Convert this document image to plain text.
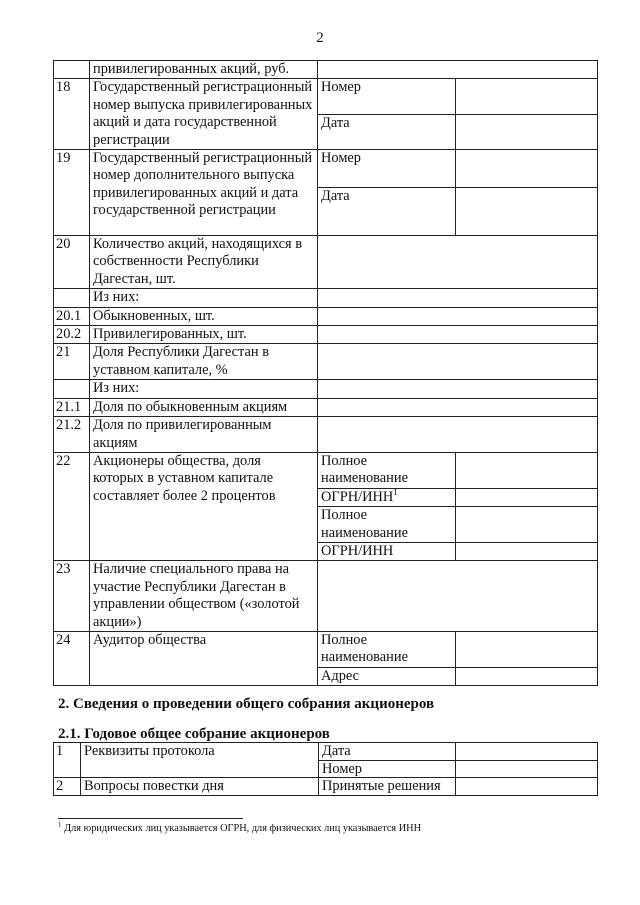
2
	привилегированных акций, руб.		
18	Государственный регистрационный номер выпуска привилегированных акций и дата государственной регистрации	Номер	
		Дата	
19	Государственный регистрационный номер дополнительного выпуска привилегированных акций и дата государственной регистрации	Номер	
		Дата	
20	Количество акций, находящихся в собственности Республики Дагестан, шт.		
	Из них:		
20.1	Обыкновенных, шт.		
20.2	Привилегированных, шт.		
21	Доля Республики Дагестан в уставном капитале, %		
	Из них:		
21.1	Доля по обыкновенным акциям		
21.2	Доля по привилегированным акциям		
22	Акционеры общества, доля которых в уставном капитале составляет более 2 процентов	Полное наименование	
		ОГРН/ИНН$^1$	
		Полное наименование	
		ОГРН/ИНН	
23	Наличие специального права на участие Республики Дагестан в управлении обществом («золотой акции»)		
24	Аудитор общества	Полное наименование	
		Адрес	
2. Сведения о проведении общего собрания акционеров
2.1. Годовое общее собрание акционеров
1	Реквизиты протокола	Дата	
		Номер	
2	Вопросы повестки дня	Принятые решения	
$^1$ Для юридических лиц указывается ОГРН, для физических лиц указывается ИНН
